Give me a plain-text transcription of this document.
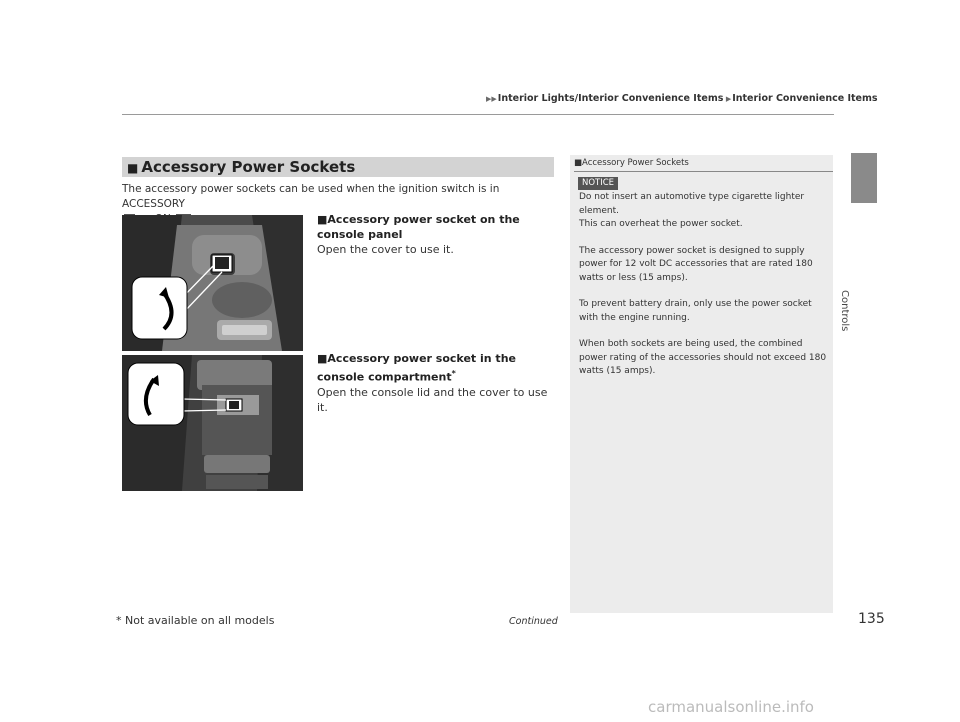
▶▶Interior Lights/Interior Convenience Items ▶Interior Convenience Items
Controls
■ Accessory Power Sockets
The accessory power sockets can be used when the ignition switch is in ACCESSORY

■Accessory power socket on the console panel
Open the cover to use it.
■Accessory power socket in the console compartment*
Open the console lid and the cover to use it.
■Accessory Power Sockets
NOTICE

Do not insert an automotive type cigarette lighter element.
This can overheat the power socket.

The accessory power socket is designed to supply power for 12 volt DC accessories that are rated 180 watts or less (15 amps).

To prevent battery drain, only use the power socket with the engine running.

When both sockets are being used, the combined power rating of the accessories should not exceed 180 watts (15 amps).

* Not available on all models	Continued	135
carmanualsonline.info
